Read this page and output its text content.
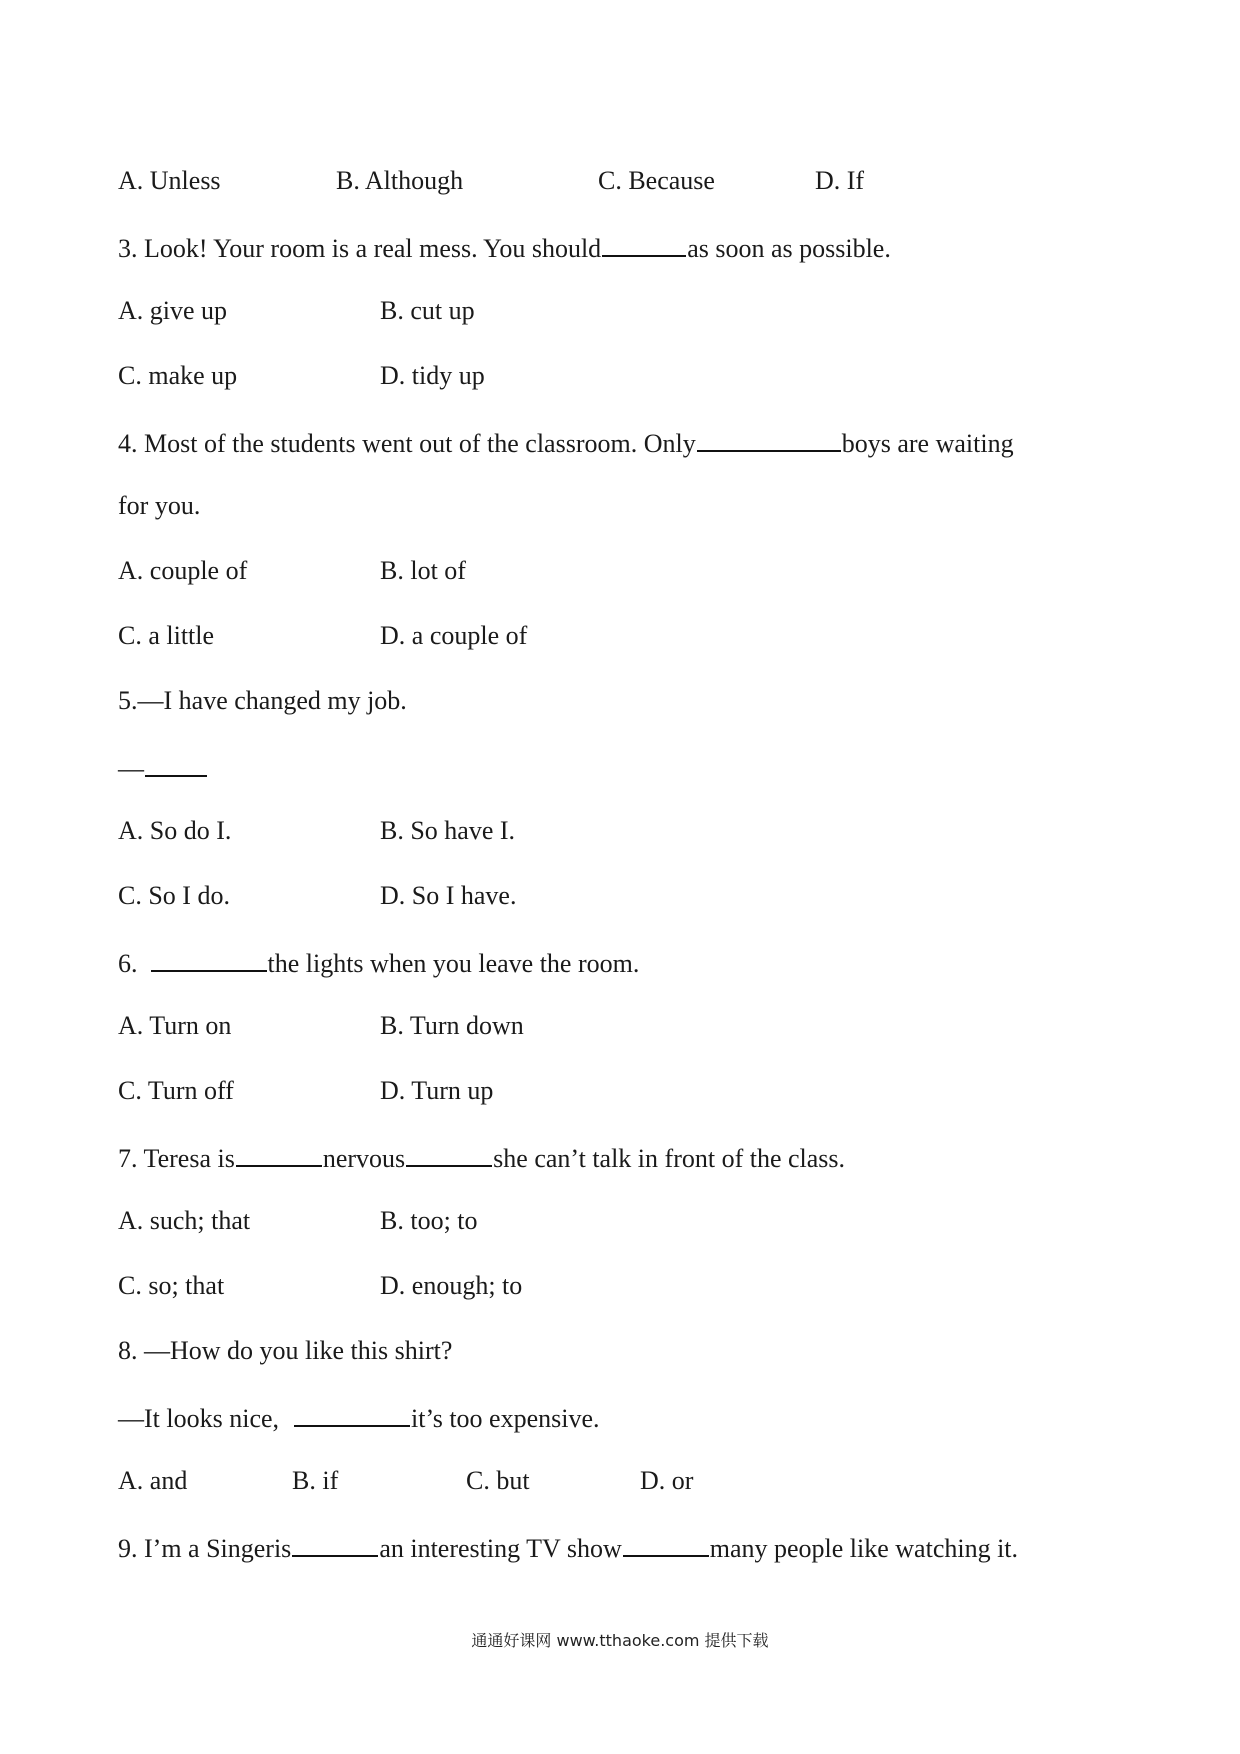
A. Unless	B. Although	C. Because	D. If
3. Look! Your room is a real mess. You should	as soon as possible.
A. give up	B. cut up
C. make up	D. tidy up
4. Most of the students went out of the classroom. Only	boys are waiting
for you.
A. couple of	B. lot of
C. a little	D. a couple of
5.—I have changed my job.
—
A. So do I.	B. So have I.
C. So I do.	D. So I have.
6.	the lights when you leave the room.
A. Turn on	B. Turn down
C. Turn off	D. Turn up
7. Teresa is	nervous	she can’t talk in front of the class.
A. such; that	B. too; to
C. so; that	D. enough; to
8. —How do you like this shirt?
—It looks nice,	it’s too expensive.
A. and	B. if	C. but	D. or
9. I’m a Singeris	an interesting TV show	many people like watching it.
通通好课网 www.tthaoke.com 提供下载
